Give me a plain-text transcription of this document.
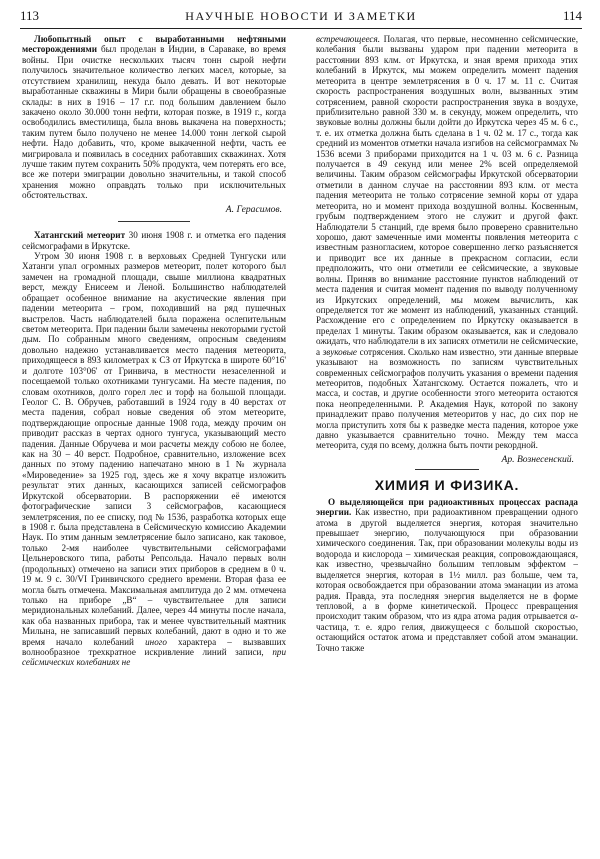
113	НАУЧНЫЕ НОВОСТИ И ЗАМЕТКИ	114

Любопытный опыт с выработанными нефтяными месторождениями был проделан в Индии, в Саравакe, во время войны. При очистке нескольких тысяч тонн сырой нефти получилось значительное количество легких масел, которые, за отсутствием хранилищ, некуда было девать. И вот некоторые выработанные скважины в Мири были обращены в своеобразные склады: в них в 1916 – 17 г.г. под большим давлением было закачено около 30.000 тонн нефти, которая позже, в 1919 г., когда освободились вместилища, была вновь выкачена на поверхность; таким путем было получено не менее 14.000 тонн легкой сырой нефти. Надо добавить, что, кроме выкаченной нефти, часть ее мигрировала и появилась в соседних работавших скважинах. Хотя лучше таким путем сохранить 50% продукта, чем потерять его все, все же потери эмиграции довольно значительны, и такой способ хранения можно оправдать только при исключительных обстоятельствах.

А. Герасимов.

Хатангский метеорит 30 июня 1908 г. и отметка его падения сейсмографами в Иркутске.

Утром 30 июня 1908 г. в верховьях Средней Тунгуски или Хатанги упал огромных размеров метеорит, полет которого был замечен на громадной площади, свыше миллиона квадратных верст, между Енисеем и Леной. Большинство наблюдателей обращает особенное внимание на акустические явления при падении метеорита – гром, походивший на ряд пушечных выстрелов. Часть наблюдателей была поражена ослепительным светом метеорита. При падении были замечены некоторыми густой дым. По собранным много сведениям, опросным сведениям довольно надежно устанавливается место падения метеорита, приходящееся в 893 километрах к СЗ от Иркутска в широте 60°16' и долготе 103°06' от Гринвича, в местности незаселенной и посещаемой только охотниками тунгусами. На месте падения, по словам охотников, долго горел лес и торф на большой площади. Геолог С. В. Обручев, работавший в 1924 году в 40 верстах от места падения, собрал новые сведения об этом метеорите, подтверждающие опросные данные 1908 года, между прочим он приводит рассказ в чертах одного тунгуса, указывающий место падения. Данные Обручева и мои расчеты между собою не более, как на 30 – 40 верст. Подробное, сравнительно, изложение всех данных по этому падению напечатано мною в 1 № журнала «Мироведение» за 1925 год, здесь же я хочу вкратце изложить результат этих данных, касающихся записей сейсмографов Иркутской обсерватории. В распоряжении её имеются фотографические записи 3 сейсмографов, касающиеся землетрясения, по ее списку, под № 1536, разработка которых еще в 1908 г. была представлена в Сейсмическую комиссию Академии Наук. По этим данным землетрясение было записано, как таковое, только 2-мя наиболее чувствительными сейсмографами Цельнеровского типа, работы Репсольда. Начало первых волн (продольных) отмечено на записи этих приборов в среднем в 0 ч. 19 м. 9 с. 30/VI Гринвичского среднего времени. Вторая фаза ее могла быть отмечена. Максимальная амплитуда до 2 мм. отмечена только на приборе „В“ – чувствительнее для записи меридиональных колебаний. Далее, через 44 минуты после начала, как оба названных прибора, так и менее чувствительный маятник Милына, не записавший первых колебаний, дают в одно и то же время начало колебаний иного характера – вызвавших волнообразное трехкратное искривление линий записи, при сейсмических колебаниях не

встречающееся. Полагая, что первые, несомненно сейсмические, колебания были вызваны ударом при падении метеорита в расстоянии 893 клм. от Иркутска, и зная время прихода этих колебаний в Иркутск, мы можем определить момент падения метеорита в центре землетрясения в 0 ч. 17 м. 11 с. Считая скорость распространения воздушных волн, вызванных этим сотрясением, равной скорости распространения звука в воздухе, приблизительно равной 330 м. в секунду, можем определить, что звуковые волны должны были дойти до Иркутска через 45 м. 6 с., т. е. их отметка должна быть сделана в 1 ч. 02 м. 17 с., тогда как средний из моментов отметки начала изгибов на сейсмограммах № 1536 всеми 3 приборами приходится на 1 ч. 03 м. 6 с. Разница получается в 49 секунд или менее 2% всей определяемой величины. Таким образом сейсмографы Иркутской обсерватории отметили в данном случае на расстоянии 893 клм. от места падения метеорита не только сотрясение земной коры от удара метеорита, но и момент прихода воздушной волны. Косвенным, грубым подтверждением этого не служит и другой факт. Наблюдатели 5 станций, где время было проверено сравнительно хорошо, дают замеченные ими моменты появления метеорита с известным разногласием, которое совершенно легко разъясняется и приводит все их данные в прекрасном согласии, если предположить, что они отметили ее сейсмические, а звуковые волны. Приняв во внимание расстояние пунктов наблюдений от места падения и считая момент падения по выводу полученному из Иркутских определений, мы можем вычислить, как определяется тот же момент из наблюдений, указанных станций. Расхождение его с определением по Иркутску оказывается в пределах 1 минуты. Таким образом оказывается, как и следовало ожидать, что наблюдатели в их записях отметили не сейсмические, а звуковые сотрясения. Сколько нам известно, эти данные впервые указывают на возможность по записям чувствительных современных сейсмографов получить указания о времени падения метеоритов, подобных Хатангскому. Остается пожалеть, что и масса, и состав, и другие особенности этого метеорита остаются пока неопределенными. Р. Академия Наук, которой по закону принадлежит право получения метеоритов у нас, до сих пор не могла приступить хотя бы к разведке места падения, которое уже давно указывается сравнительно точно. Между тем масса метеорита, судя по всему, должна быть почти рекордной.

Ар. Вознесенский.

ХИМИЯ И ФИЗИКА.

О выделяющейся при радиоактивных процессах распада энергии. Как известно, при радиоактивном превращении одного атома в другой выделяется энергия, которая значительно превышает энергию, получающуюся при образовании химического соединения. Так, при образовании молекулы воды из водорода и кислорода – химическая реакция, сопровождающаяся, как известно, чрезвычайно большим тепловым эффектом – выделяется энергия, которая в 1½ милл. раз больше, чем та, которая освобождается при образовании атома эманации из атома радия. Правда, эта последняя энергия выделяется не в форме тепловой, а в форме кинетической. Процесс превращения происходит таким образом, что из ядра атома радия отрывается α-частица, т. е. ядро гелия, движущееся с большой скоростью, остающийся остаток атома и представляет собой атом эманации. Точно также
